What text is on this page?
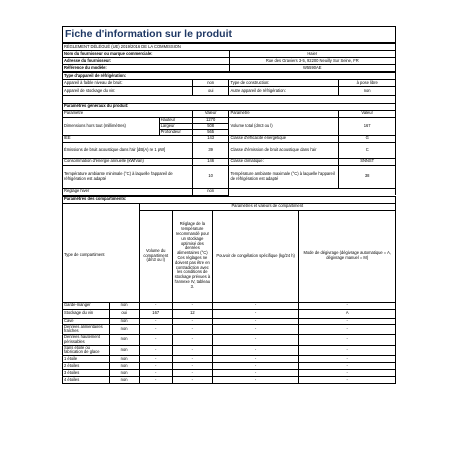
Fiche d'information sur le produit
RÈGLEMENT DÉLÉGUÉ (UE) 2019/2016 DE LA COMMISSION	
Nom du fournisseur ou marque commerciale:	Haier
Adresse du fournisseur:	Rue des Graviers 3-5, 92200 Neuilly Sur Seine, FR
Référence du modèle:	W5590AE
Type d'appareil de réfrigération:			
Appareil à faible niveau de bruit:	non	Type de construction:	à pose libre
Appareil de stockage du vin:	oui	Autre appareil de réfrigération:	non

Paramètres généraux du produit:				
Paramètre		Valeur	Paramètre	Valeur
Dimensions hors tout (millimètres)	Hauteur	1270	Volume total (dm3 ou l)	167
	Largeur	508		
	Profondeur	565		
IEE		143	Classe d'efficacité énergétique	G
Émissions de bruit acoustique dans l'air [dB(A) re 1 pW]		39	Classe d'émission de bruit acoustique dans l'air	C
Consommation d'énergie annuelle (kWh/an)		146	Classe climatique:	SNNST
Température ambiante minimale (°C) à laquelle l'appareil de réfrigération est adapté		10	Température ambiante maximale (°C) à laquelle l'appareil de réfrigération est adapté	38
Réglage hiver		non		
Paramètres des compartiments:					
		Paramètres et valeurs de compartiment			
Type de compartiment		Volume du compartiment (dm3 ou l)	Réglage de la température recommandé pour un stockage optimisé des denrées alimentaires (°C) Ces réglages ne doivent pas être en contradiction avec les conditions de stockage prévues à l'annexe IV, tableau 3.	Pouvoir de congélation spécifique (kg/24 h)	Mode de dégivrage (dégivrage automatique = A, dégivrage manuel = M)
Garde-manger	non	-	-	-	-
Stockage du vin	oui	167	12	-	A
Cave	non	-	-	-	-
Denrées alimentaires fraîches	non	-	-	-	-
Denrées hautement périssables	non	-	-	-	-
Sans étoile ou fabrication de glace	non	-	-	-	-
1 étoile	non	-	-	-	-
2 étoiles	non	-	-	-	-
3 étoiles	non	-	-	-	-
4 étoiles	non	-	-	-	-
